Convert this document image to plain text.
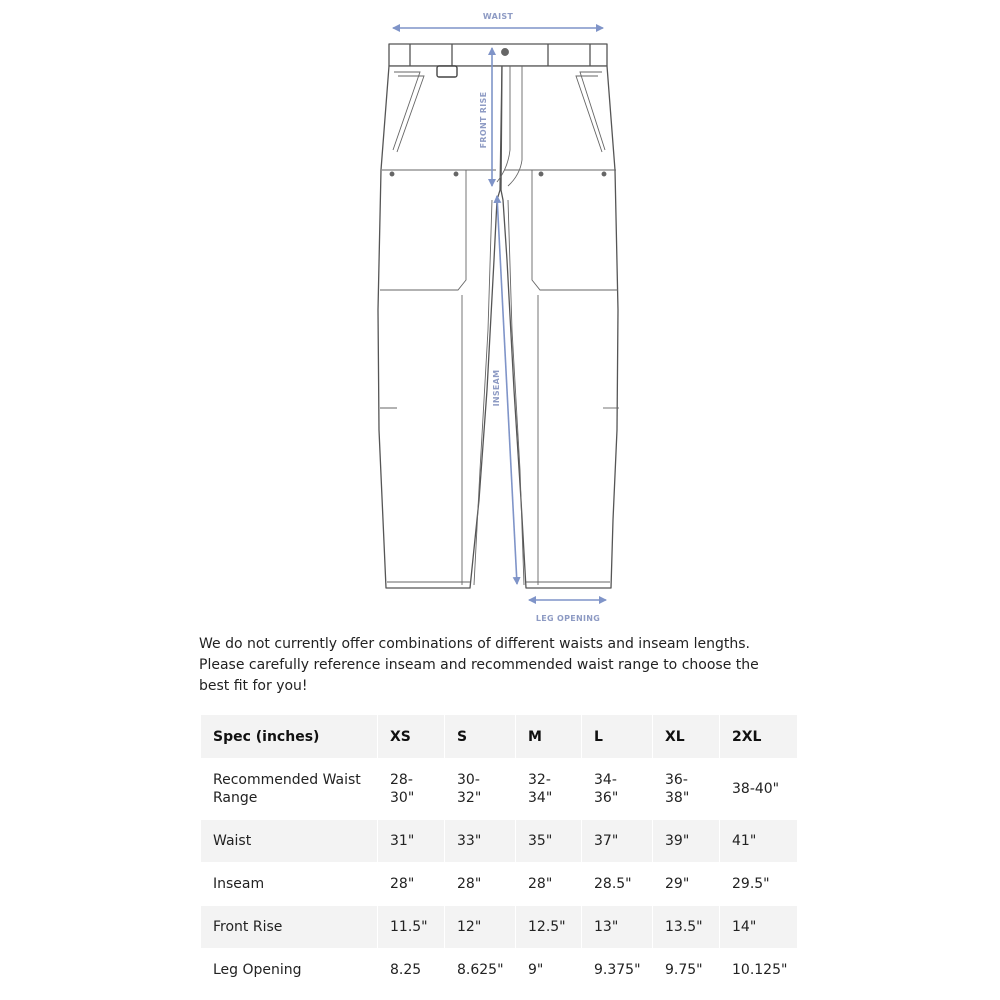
WAIST
FRONT RISE
INSEAM
LEG OPENING

We do not currently offer combinations of different waists and inseam lengths.

Please carefully reference inseam and recommended waist range to choose the

best fit for you!

Spec (inches)	XS	S	M	L	XL	2XL
Recommended Waist Range	28-30"	30-32"	32-34"	34-36"	36-38"	38-40"
Waist	31"	33"	35"	37"	39"	41"
Inseam	28"	28"	28"	28.5"	29"	29.5"
Front Rise	11.5"	12"	12.5"	13"	13.5"	14"
Leg Opening	8.25	8.625"	9"	9.375"	9.75"	10.125"
